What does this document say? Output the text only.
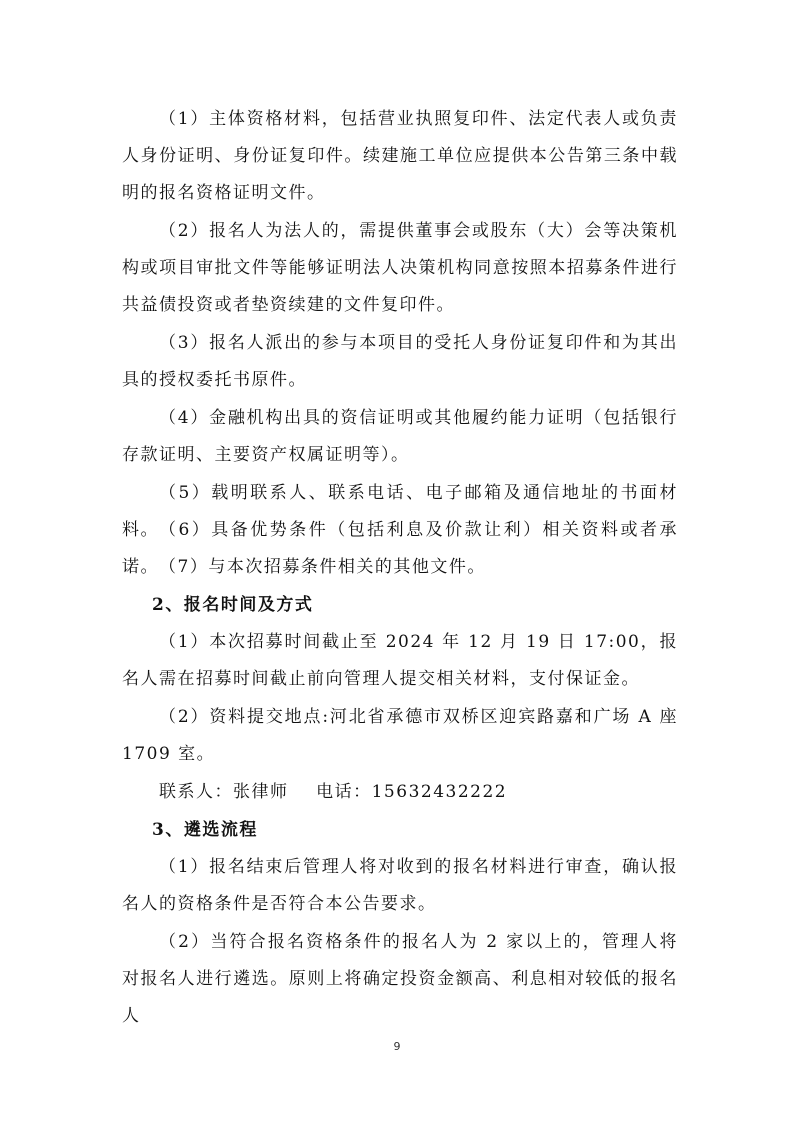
（1）主体资格材料，包括营业执照复印件、法定代表人或负责人身份证明、身份证复印件。续建施工单位应提供本公告第三条中载明的报名资格证明文件。

（2）报名人为法人的，需提供董事会或股东（大）会等决策机构或项目审批文件等能够证明法人决策机构同意按照本招募条件进行共益债投资或者垫资续建的文件复印件。

（3）报名人派出的参与本项目的受托人身份证复印件和为其出具的授权委托书原件。

（4）金融机构出具的资信证明或其他履约能力证明（包括银行存款证明、主要资产权属证明等）。

（5）载明联系人、联系电话、电子邮箱及通信地址的书面材料。 （6）具备优势条件（包括利息及价款让利）相关资料或者承诺。 （7）与本次招募条件相关的其他文件。

2、报名时间及方式

（1）本次招募时间截止至 2024 年 12 月 19 日 17:00，报名人需在招募时间截止前向管理人提交相关材料，支付保证金。

（2）资料提交地点:河北省承德市双桥区迎宾路嘉和广场 A 座 1709 室。

联系人：张律师    电话：15632432222

3、遴选流程

（1）报名结束后管理人将对收到的报名材料进行审查，确认报名人的资格条件是否符合本公告要求。

（2）当符合报名资格条件的报名人为 2 家以上的，管理人将对报名人进行遴选。原则上将确定投资金额高、利息相对较低的报名人

9
